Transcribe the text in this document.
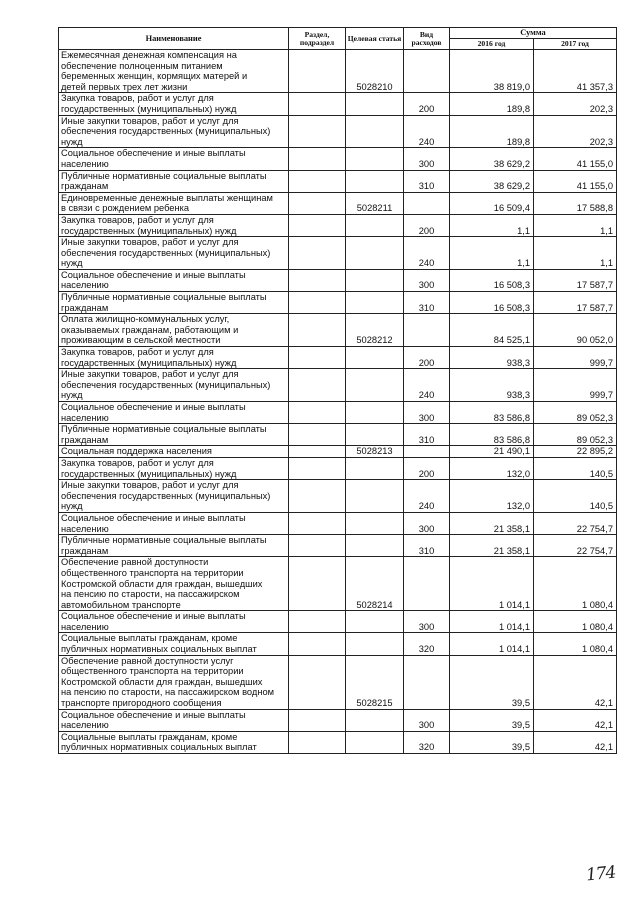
Наименование	Раздел, подраздел	Целевая статья	Вид расходов	Сумма	
				2016 год	2017 год
Ежемесячная денежная компенсация на
обеспечение полноценным питанием
беременных женщин, кормящих матерей и
детей первых трех лет жизни		5028210		38 819,0	41 357,3
Закупка товаров, работ и услуг для
государственных (муниципальных) нужд			200	189,8	202,3
Иные закупки товаров, работ и услуг для
обеспечения государственных (муниципальных)
нужд			240	189,8	202,3
Социальное обеспечение и иные выплаты
населению			300	38 629,2	41 155,0
Публичные нормативные социальные выплаты
гражданам			310	38 629,2	41 155,0
Единовременные денежные выплаты женщинам
в связи с рождением ребенка		5028211		16 509,4	17 588,8
Закупка товаров, работ и услуг для
государственных (муниципальных) нужд			200	1,1	1,1
Иные закупки товаров, работ и услуг для
обеспечения государственных (муниципальных)
нужд			240	1,1	1,1
Социальное обеспечение и иные выплаты
населению			300	16 508,3	17 587,7
Публичные нормативные социальные выплаты
гражданам			310	16 508,3	17 587,7
Оплата жилищно-коммунальных услуг,
оказываемых гражданам, работающим и
проживающим в сельской местности		5028212		84 525,1	90 052,0
Закупка товаров, работ и услуг для
государственных (муниципальных) нужд			200	938,3	999,7
Иные закупки товаров, работ и услуг для
обеспечения государственных (муниципальных)
нужд			240	938,3	999,7
Социальное обеспечение и иные выплаты
населению			300	83 586,8	89 052,3
Публичные нормативные социальные выплаты
гражданам			310	83 586,8	89 052,3
Социальная поддержка населения		5028213		21 490,1	22 895,2
Закупка товаров, работ и услуг для
государственных (муниципальных) нужд			200	132,0	140,5
Иные закупки товаров, работ и услуг для
обеспечения государственных (муниципальных)
нужд			240	132,0	140,5
Социальное обеспечение и иные выплаты
населению			300	21 358,1	22 754,7
Публичные нормативные социальные выплаты
гражданам			310	21 358,1	22 754,7
Обеспечение равной доступности
общественного транспорта на территории
Костромской области для граждан, вышедших
на пенсию по старости, на пассажирском
автомобильном транспорте		5028214		1 014,1	1 080,4
Социальное обеспечение и иные выплаты
населению			300	1 014,1	1 080,4
Социальные выплаты гражданам, кроме
публичных нормативных социальных выплат			320	1 014,1	1 080,4
Обеспечение равной доступности услуг
общественного транспорта на территории
Костромской области для граждан, вышедших
на пенсию по старости, на пассажирском водном
транспорте пригородного сообщения		5028215		39,5	42,1
Социальное обеспечение и иные выплаты
населению			300	39,5	42,1
Социальные выплаты гражданам, кроме
публичных нормативных социальных выплат			320	39,5	42,1
174
